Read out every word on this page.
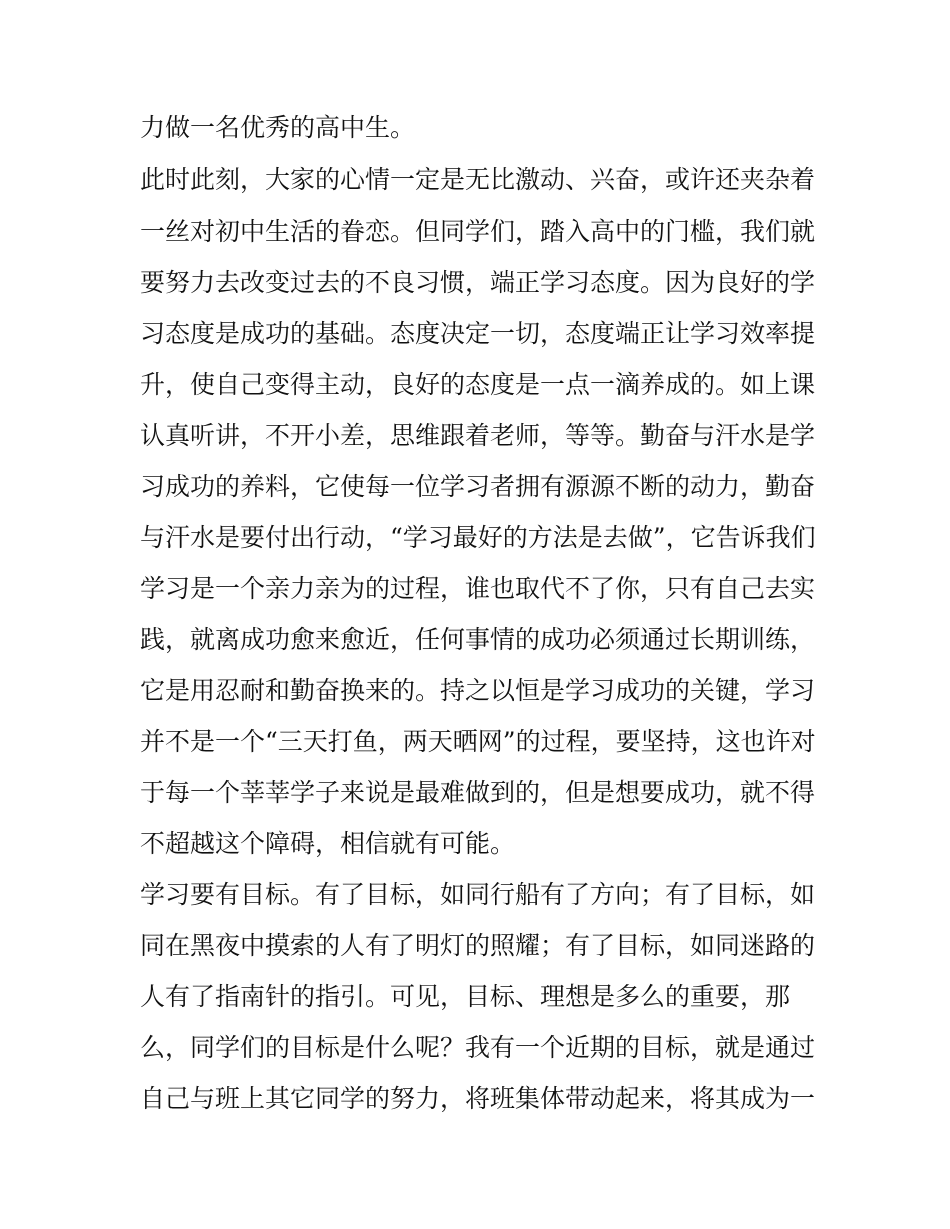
力做一名优秀的高中生。
此时此刻，大家的心情一定是无比激动、兴奋，或许还夹杂着
一丝对初中生活的眷恋。但同学们，踏入高中的门槛，我们就
要努力去改变过去的不良习惯，端正学习态度。因为良好的学
习态度是成功的基础。态度决定一切，态度端正让学习效率提
升，使自己变得主动，良好的态度是一点一滴养成的。如上课
认真听讲，不开小差，思维跟着老师，等等。勤奋与汗水是学
习成功的养料，它使每一位学习者拥有源源不断的动力，勤奋
与汗水是要付出行动，“学习最好的方法是去做”，它告诉我们
学习是一个亲力亲为的过程，谁也取代不了你，只有自己去实
践，就离成功愈来愈近，任何事情的成功必须通过长期训练，
它是用忍耐和勤奋换来的。持之以恒是学习成功的关键，学习
并不是一个“三天打鱼，两天晒网”的过程，要坚持，这也许对
于每一个莘莘学子来说是最难做到的，但是想要成功，就不得
不超越这个障碍，相信就有可能。
学习要有目标。有了目标，如同行船有了方向；有了目标，如
同在黑夜中摸索的人有了明灯的照耀；有了目标，如同迷路的
人有了指南针的指引。可见，目标、理想是多么的重要，那
么，同学们的目标是什么呢？我有一个近期的目标，就是通过
自己与班上其它同学的努力，将班集体带动起来，将其成为一
